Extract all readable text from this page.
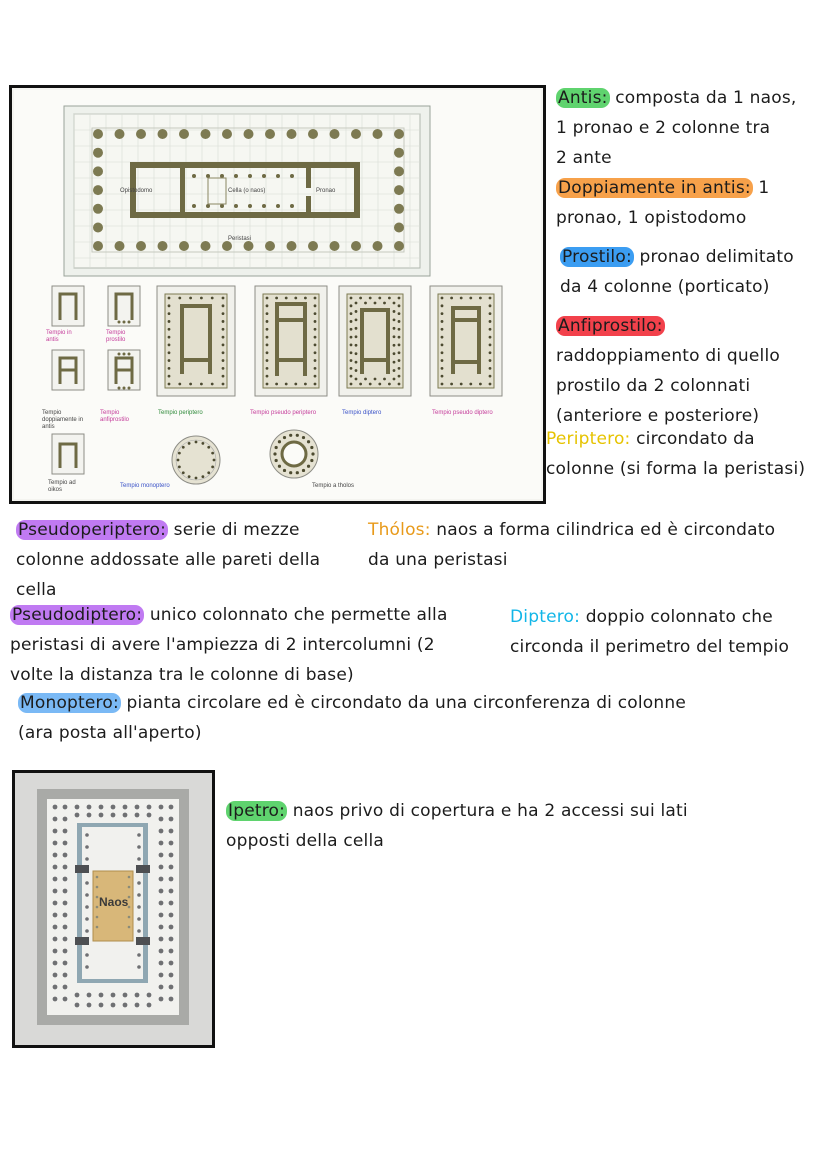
Opistodomo	Cella (o naos)	Pronao
Peristasi
Tempio in antis
Tempio prostilo
Tempio doppiamente in antis
Tempio anfiprostilo
Tempio periptero	Tempio pseudo periptero	Tempio diptero	Tempio pseudo diptero
Tempio ad oikos
Tempio monoptero	Tempio a tholos
Antis: composta da 1 naos,
1 pronao e 2 colonne tra
2 ante
Doppiamente in antis: 1
pronao, 1 opistodomo
Prostilo: pronao delimitato
da 4 colonne (porticato)
Anfiprostilo:
raddoppiamento di quello
prostilo da 2 colonnati
(anteriore e posteriore)
Periptero: circondato da
colonne (si forma la peristasi)
Pseudoperiptero: serie di mezze
colonne addossate alle pareti della
cella
Thólos: naos a forma cilindrica ed è circondato
da una peristasi
Pseudodiptero: unico colonnato che permette alla
peristasi di avere l'ampiezza di 2 intercolumni (2
volte la distanza tra le colonne di base)
Diptero: doppio colonnato che
circonda il perimetro del tempio
Monoptero: pianta circolare ed è circondato da una circonferenza di colonne
(ara posta all'aperto)
Naos
Ipetro: naos privo di copertura e ha 2 accessi sui lati
opposti della cella
